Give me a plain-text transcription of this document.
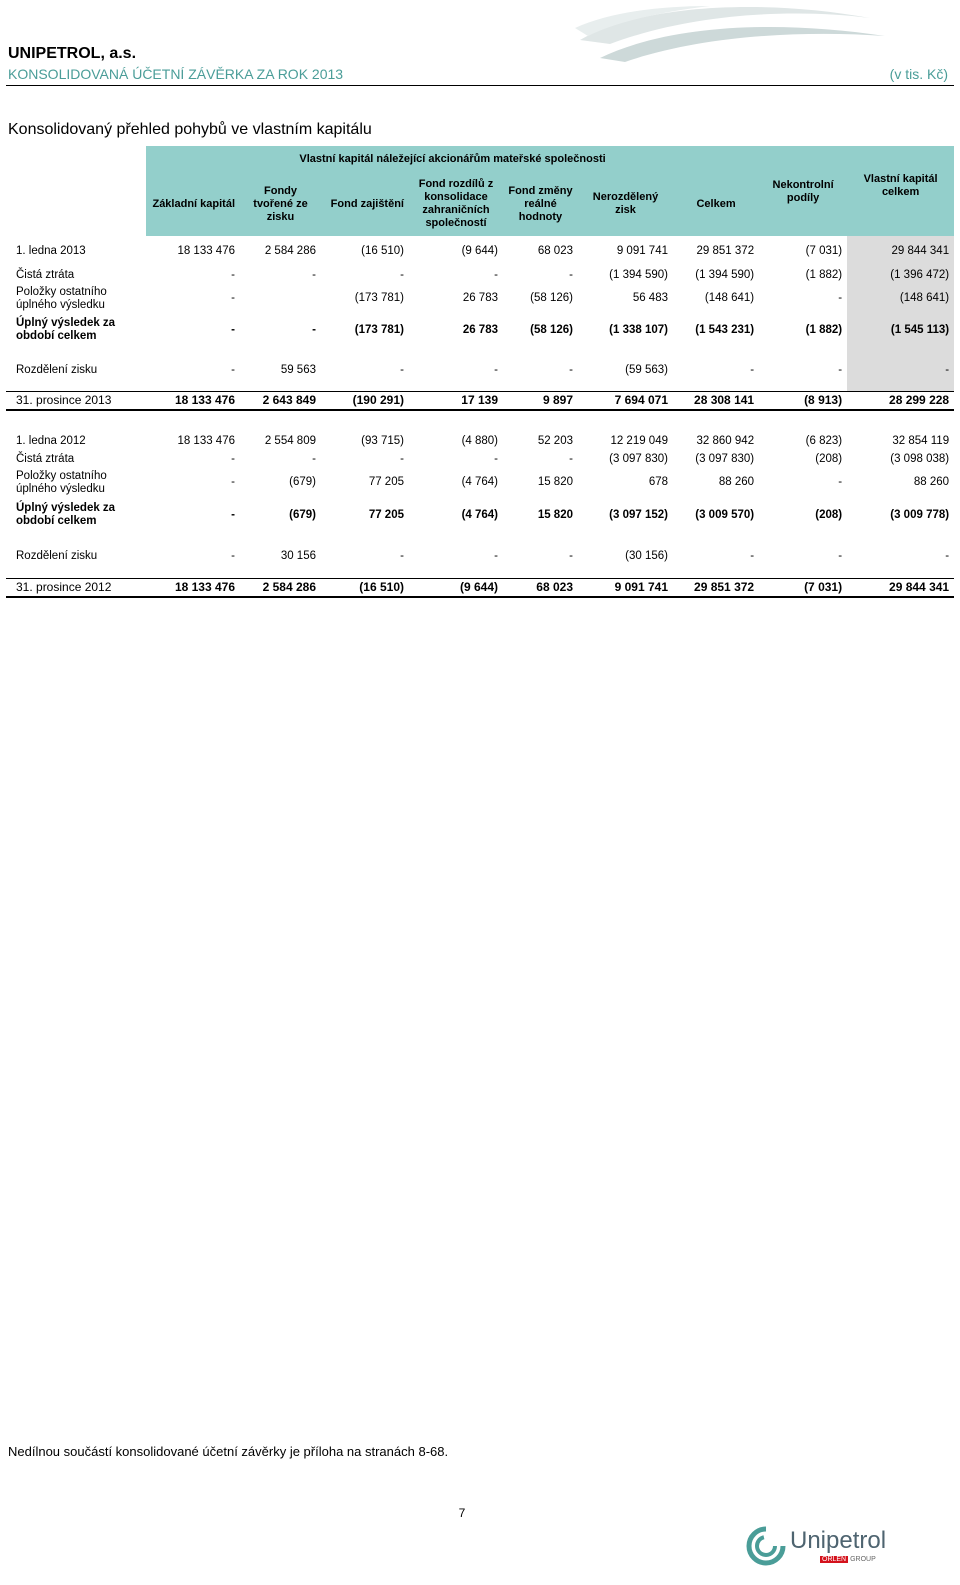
UNIPETROL, a.s.
KONSOLIDOVANÁ ÚČETNÍ ZÁVĚRKA ZA ROK 2013	(v tis. Kč)
Konsolidovaný přehled pohybů ve vlastním kapitálu
	Vlastní kapitál náležející akcionářům mateřské společnosti							Nekontrolní podíly	Vlastní kapitál celkem
	Základní kapitál	Fondy tvořené ze zisku	Fond zajištění	Fond rozdílů z konsolidace zahraničních společností	Fond změny reálné hodnoty	Nerozdělený zisk	Celkem		
1. ledna 2013	18 133 476	2 584 286	(16 510)	(9 644)	68 023	9 091 741	29 851 372	(7 031)	29 844 341
Čistá ztráta	-	-	-	-	-	(1 394 590)	(1 394 590)	(1 882)	(1 396 472)
Položky ostatního úplného výsledku	-		(173 781)	26 783	(58 126)	56 483	(148 641)	-	(148 641)
Úplný výsledek za období celkem	-	-	(173 781)	26 783	(58 126)	(1 338 107)	(1 543 231)	(1 882)	(1 545 113)

Rozdělení zisku	-	59 563	-	-	-	(59 563)	-	-	-

31. prosince 2013	18 133 476	2 643 849	(190 291)	17 139	9 897	7 694 071	28 308 141	(8 913)	28 299 228

1. ledna 2012	18 133 476	2 554 809	(93 715)	(4 880)	52 203	12 219 049	32 860 942	(6 823)	32 854 119
Čistá ztráta	-	-	-	-	-	(3 097 830)	(3 097 830)	(208)	(3 098 038)
Položky ostatního úplného výsledku	-	(679)	77 205	(4 764)	15 820	678	88 260	-	88 260
Úplný výsledek za období celkem	-	(679)	77 205	(4 764)	15 820	(3 097 152)	(3 009 570)	(208)	(3 009 778)

Rozdělení zisku	-	30 156	-	-	-	(30 156)	-	-	-

31. prosince 2012	18 133 476	2 584 286	(16 510)	(9 644)	68 023	9 091 741	29 851 372	(7 031)	29 844 341
Nedílnou součástí konsolidované účetní závěrky je příloha na stranách 8-68.
7
Unipetrol
ORLEN GROUP
